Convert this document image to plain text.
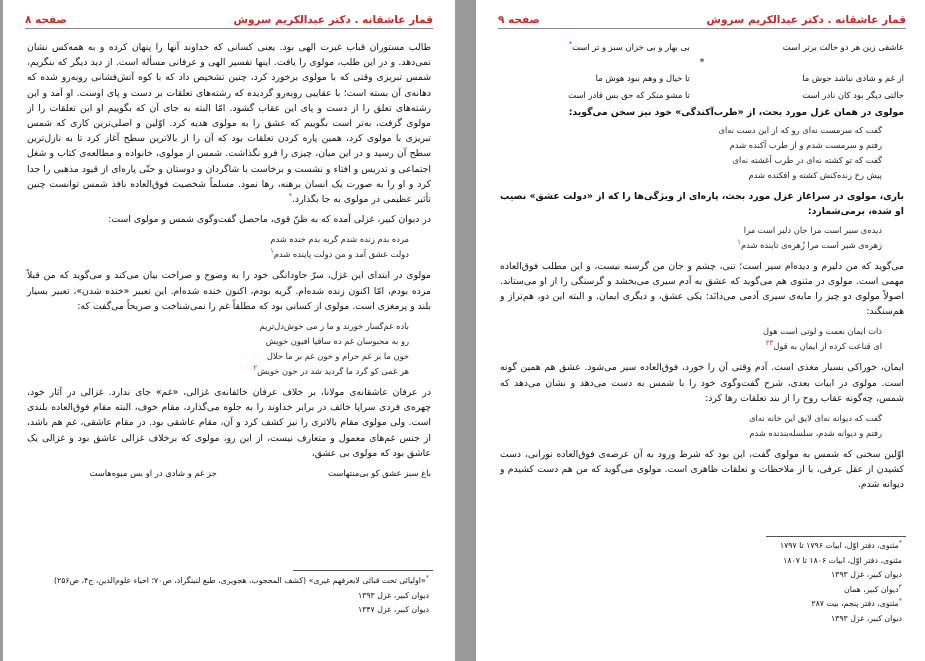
قمار عاشقانه . دکتر عبدالکریم سروش
صفحه ۸

طالب مستوران قباب غیرت الهی بود. یعنی کسانی که خداوند آنها را پنهان کرده و به همه‌کس نشان نمی‌دهد. و در این طلب، مولوی را یافت. اینها تفسیر الهی و عرفانی مسأله است. از دید دیگر که بنگریم، شمس تبریزی وقتی که با مولوی برخورد کرد، چنین تشخیص داد که با کوه آتش‌فشانی روبه‌رو شده که دهانه‌ی آن بسته است؛ با عقایبی روبه‌رو گردیده که رشته‌های تعلقات بر دست و پای اوست. او آمد و این رشته‌های تعلق را از دست و پای این عقاب گشود. امّا البته به جای آن که بگوییم او این تعلقات را از مولوی گرفت، به‌تر است بگوییم که عشق را به مولوی هدیه کرد. اوّلین و اصلی‌ترین کاری که شمس تبریزی با مولوی کرد، همین پاره کردن تعلقات بود که آن را از بالاترین سطح آغاز کرد تا به نازل‌ترین سطح آن رسید و در این میان، چیزی را فرو نگذاشت. شمس از مولوی، خانواده و مطالعه‌ی کتاب و شغل اجتماعی و تدریس و افتاء و نشست و برخاست با شاگردان و دوستان و حتّی پاره‌ای از قیود مذهبی را جدا کرد و او را به صورت یک انسان برهنه، رها نمود. مسلماً شخصیت فوق‌العاده نافذ شمس توانست چنین تأثیر عظیمی در مولوی به جا بگذارد.*

در دیوان کبیر، غزلی آمده که به ظنّ قوی، ماحصل گفت‌وگوی شمس و مولوی است:

مرده بدم زنده شدم گریه بدم خنده شدم

دولت عشق آمد و من دولت پاینده شدم$^۱$

مولوی در ابتدای این غزل، سرّ جاودانگی خود را به وضوح و صراحت بیان می‌کند و می‌گوید که من قبلاً مرده بودم، امّا اکنون زنده شده‌ام. گریه بودم، اکنون خنده شده‌ام. این تعبیر «خنده شدن»، تعبیر بسیار بلند و پرمغزی است. مولوی از کسانی بود که مطلقاً غم را نمی‌شناخت و صریحاً می‌گفت که:

باده غم‌گسار خورند و ما ز می خوش‌دل‌تریم

رو به محبوسان غم ده ساقیا افیون خویش

خون ما بر غم حرام و خون غم بر ما حلال

هر غمی کو گرد ما گردید شد در خون خویش$^۲$

در عرفان عاشقانه‌ی مولانا، بر خلاف عرفان خائفانه‌ی غزالی، «غم» جای ندارد. غزالی در آثار خود، چهره‌ی فردی سراپا خائف در برابر خداوند را به جلوه می‌گذارد، مقام خوف، البته مقام فوق‌العاده بلندی است. ولی مولوی مقام بالاتری را نیز کشف کرد و آن، مقام عاشقی بود. در مقام عاشقی، غم هم باشد، از جنس غم‌های معمول و متعارف نیست، از این رو، مولوی که برخلاف غزالی عاشق بود و غزالی یک عاشق بود که مولوی بی عشق،

باغ سبز عشق کو بی‌منتهاست
جز غم و شادی در او بس میوه‌هاست

*«اولیائی تحت قبائی لایعرفهم غیری» (کشف المحجوب، هجویری، طبع لنینگراد، ص۷۰؛ احیاء علوم‌الدین، ج۴، ص۲۵۶)

دیوان کبیر، غزل ۱۳۹۳

دیوان کبیر، غزل ۱۳۴۷

قمار عاشقانه . دکتر عبدالکریم سروش
صفحه ۹
عاشقی زین هر دو حالت برتر است
بی بهار و بی خزان سبز و تر است*
*
از غم و شادی نباشد جوش ما
تا خیال و وهم نبود هوش ما
حالتی دیگر بود کان نادر است
تا مشو منکر که حق بس قادر است

مولوی در همان غزل مورد بحث، از «طرب‌آکندگی» خود نیز سخن می‌گوید:

گفت که سرمست نه‌ای رو که از این دست نه‌ای

رفتم و سرمست شدم و از طرب آکنده شدم

گفت که تو کشته نه‌ای در طرب آغشته نه‌ای

پیش رخ زنده‌کنش کشته و افکنده شدم

باری، مولوی در سراغاز غزل مورد بحث، پاره‌ای از ویژگی‌ها را که از «دولت عشق» نصیب او شده، برمی‌شمارد:

دیده‌ی سیر است مرا جان دلیر است مرا

زهره‌ی شیر است مرا زُهره‌ی تابنده شدم$^۱$

می‌گوید که من دلیرم و دیده‌ام سیر است؛ تنی، چشم و جان من گرسنه نیست، و این مطلب فوق‌العاده مهمی است. مولوی در مثنوی هم می‌گوید که عشق به آدم سیری می‌بخشد و گرسنگی را از او می‌ستاند. اصولاً مولوی دو چیز را مایه‌ی سیری آدمی می‌دانَد: یکی عشق، و دیگری ایمان. و البته این دو، هم‌تراز و هم‌سنگند:

ذات ایمان نعمت و لوتی است هول

ای قناعت کرده از ایمان به قول$^{۲۳}$

ایمان، خوراکی بسیار مغذی است. آدم وقتی آن را خورد، فوق‌العاده سیر می‌شود. عشق هم همین گونه است. مولوی در ابیات بعدی، شرح گفت‌وگوی خود را با شمس به دست می‌دهد و نشان می‌دهد که شمس، چه‌گونه عقاب روح را از بند تعلقات رها کرد:

گفت که دیوانه نه‌ای لایق این خانه نه‌ای

رفتم و دیوانه شدم، سلسله‌بندنده شدم

اوّلین سخنی که شمس به مولوی گفت، این بود که شرط ورود به آن عرصه‌ی فوق‌العاده نورانی، دست کشیدن از عقل عرفی، با از ملاحظات و تعلقات ظاهری است. مولوی می‌گوید که من هم دست کشیدم و دیوانه شدم.

*مثنوی، دفتر اوّل، ابیات ۱۷۹۶ تا ۱۷۹۷

مثنوی، دفتر اوّل، ابیات ۱۸۰۶ تا ۱۸۰۷

دیوان کبیر، غزل ۱۳۹۳

$^۴$دیوان کبیر، همان

*مثنوی، دفتر پنجم، بیت ۲۸۷

دیوان کبیر، غزل ۱۳۹۳
